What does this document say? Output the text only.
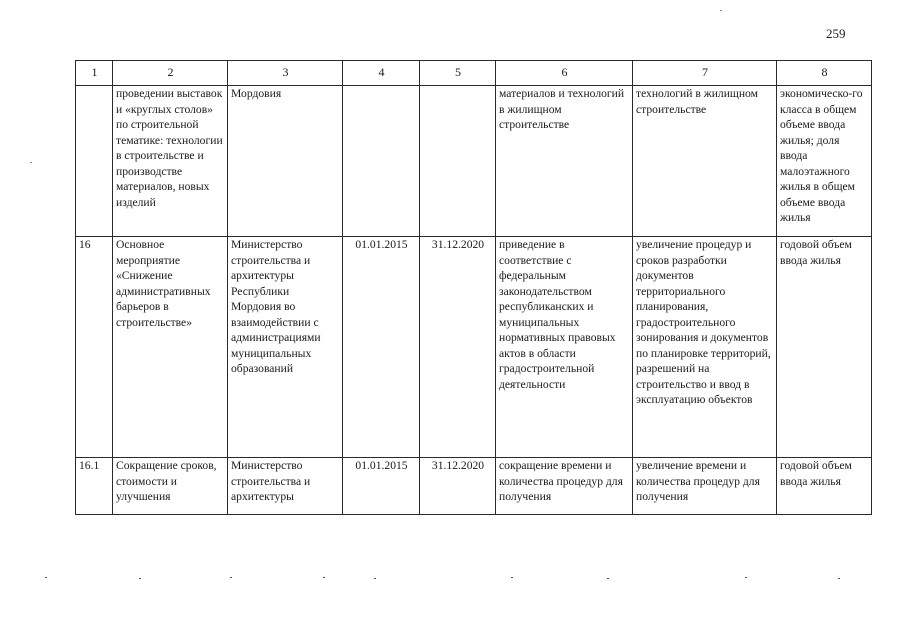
259
1	2	3	4	5	6	7	8
	проведении выставок и «круглых столов» по строительной тематике: технологии в строительстве и производстве материалов, новых изделий	Мордовия			материалов и технологий в жилищном строительстве	технологий в жилищном строительстве	экономическо-го класса в общем объеме ввода жилья; доля ввода малоэтажного жилья в общем объеме ввода жилья
16	Основное мероприятие «Снижение административных барьеров в строительстве»	Министерство строительства и архитектуры Республики Мордовия во взаимодействии с администрациями муниципальных образований	01.01.2015	31.12.2020	приведение в соответствие с федеральным законодательством республиканских и муниципальных нормативных правовых актов в области градостроительной деятельности	увеличение процедур и сроков разработки документов территориального планирования, градостроительного зонирования и документов по планировке территорий, разрешений на строительство и ввод в эксплуатацию объектов	годовой объем ввода жилья
16.1	Сокращение сроков, стоимости и улучшения	Министерство строительства и архитектуры	01.01.2015	31.12.2020	сокращение времени и количества процедур для получения	увеличение времени и количества процедур для получения	годовой объем ввода жилья
